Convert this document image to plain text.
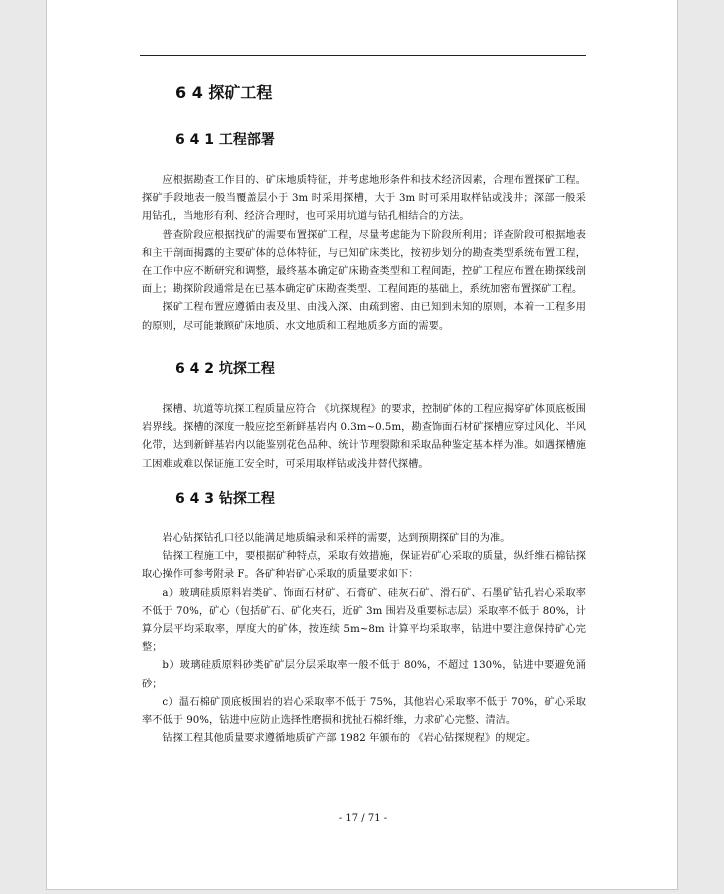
6 4 探矿工程
6 4 1 工程部署

应根据勘查工作目的、矿床地质特征，并考虑地形条件和技术经济因素，合理布置探矿工程。探矿手段地表一般当覆盖层小于 3m 时采用探槽，大于 3m 时可采用取样钻或浅井；深部一般采用钻孔，当地形有利、经济合理时，也可采用坑道与钻孔相结合的方法。

普查阶段应根据找矿的需要布置探矿工程，尽量考虑能为下阶段所利用；详查阶段可根据地表和主干剖面揭露的主要矿体的总体特征，与已知矿床类比，按初步划分的勘查类型系统布置工程，在工作中应不断研究和调整，最终基本确定矿床勘查类型和工程间距，控矿工程应布置在勘探线剖面上；勘探阶段通常是在已基本确定矿床勘查类型、工程间距的基础上，系统加密布置探矿工程。

探矿工程布置应遵循由表及里、由浅入深、由疏到密、由已知到未知的原则，本着一工程多用的原则，尽可能兼顾矿床地质、水文地质和工程地质多方面的需要。

6 4 2 坑探工程

探槽、坑道等坑探工程质量应符合 《坑探规程》的要求，控制矿体的工程应揭穿矿体顶底板围岩界线。探槽的深度一般应挖至新鲜基岩内 0.3m~0.5m，勘查饰面石材矿探槽应穿过风化、半风化带，达到新鲜基岩内以能鉴别花色品种、统计节理裂隙和采取品种鉴定基本样为准。如遇探槽施工困难或难以保证施工安全时，可采用取样钻或浅井替代探槽。

6 4 3 钻探工程

岩心钻探钻孔口径以能满足地质编录和采样的需要，达到预期探矿目的为准。

钻探工程施工中，要根据矿种特点，采取有效措施，保证岩矿心采取的质量，纵纤维石棉钻探取心操作可参考附录 F。各矿种岩矿心采取的质量要求如下：

a）玻璃硅质原料岩类矿、饰面石材矿、石膏矿、硅灰石矿、滑石矿、石墨矿钻孔岩心采取率不低于 70%，矿心（包括矿石、矿化夹石，近矿 3m 围岩及重要标志层）采取率不低于 80%，计算分层平均采取率，厚度大的矿体，按连续 5m~8m 计算平均采取率，钻进中要注意保持矿心完整；

b）玻璃硅质原料砂类矿矿层分层采取率一般不低于 80%，不超过 130%，钻进中要避免涌砂；

c）温石棉矿顶底板围岩的岩心采取率不低于 75%，其他岩心采取率不低于 70%，矿心采取率不低于 90%，钻进中应防止选择性磨损和扰扯石棉纤维，力求矿心完整、清洁。

钻探工程其他质量要求遵循地质矿产部 1982 年颁布的 《岩心钻探规程》的规定。

- 17 / 71 -
